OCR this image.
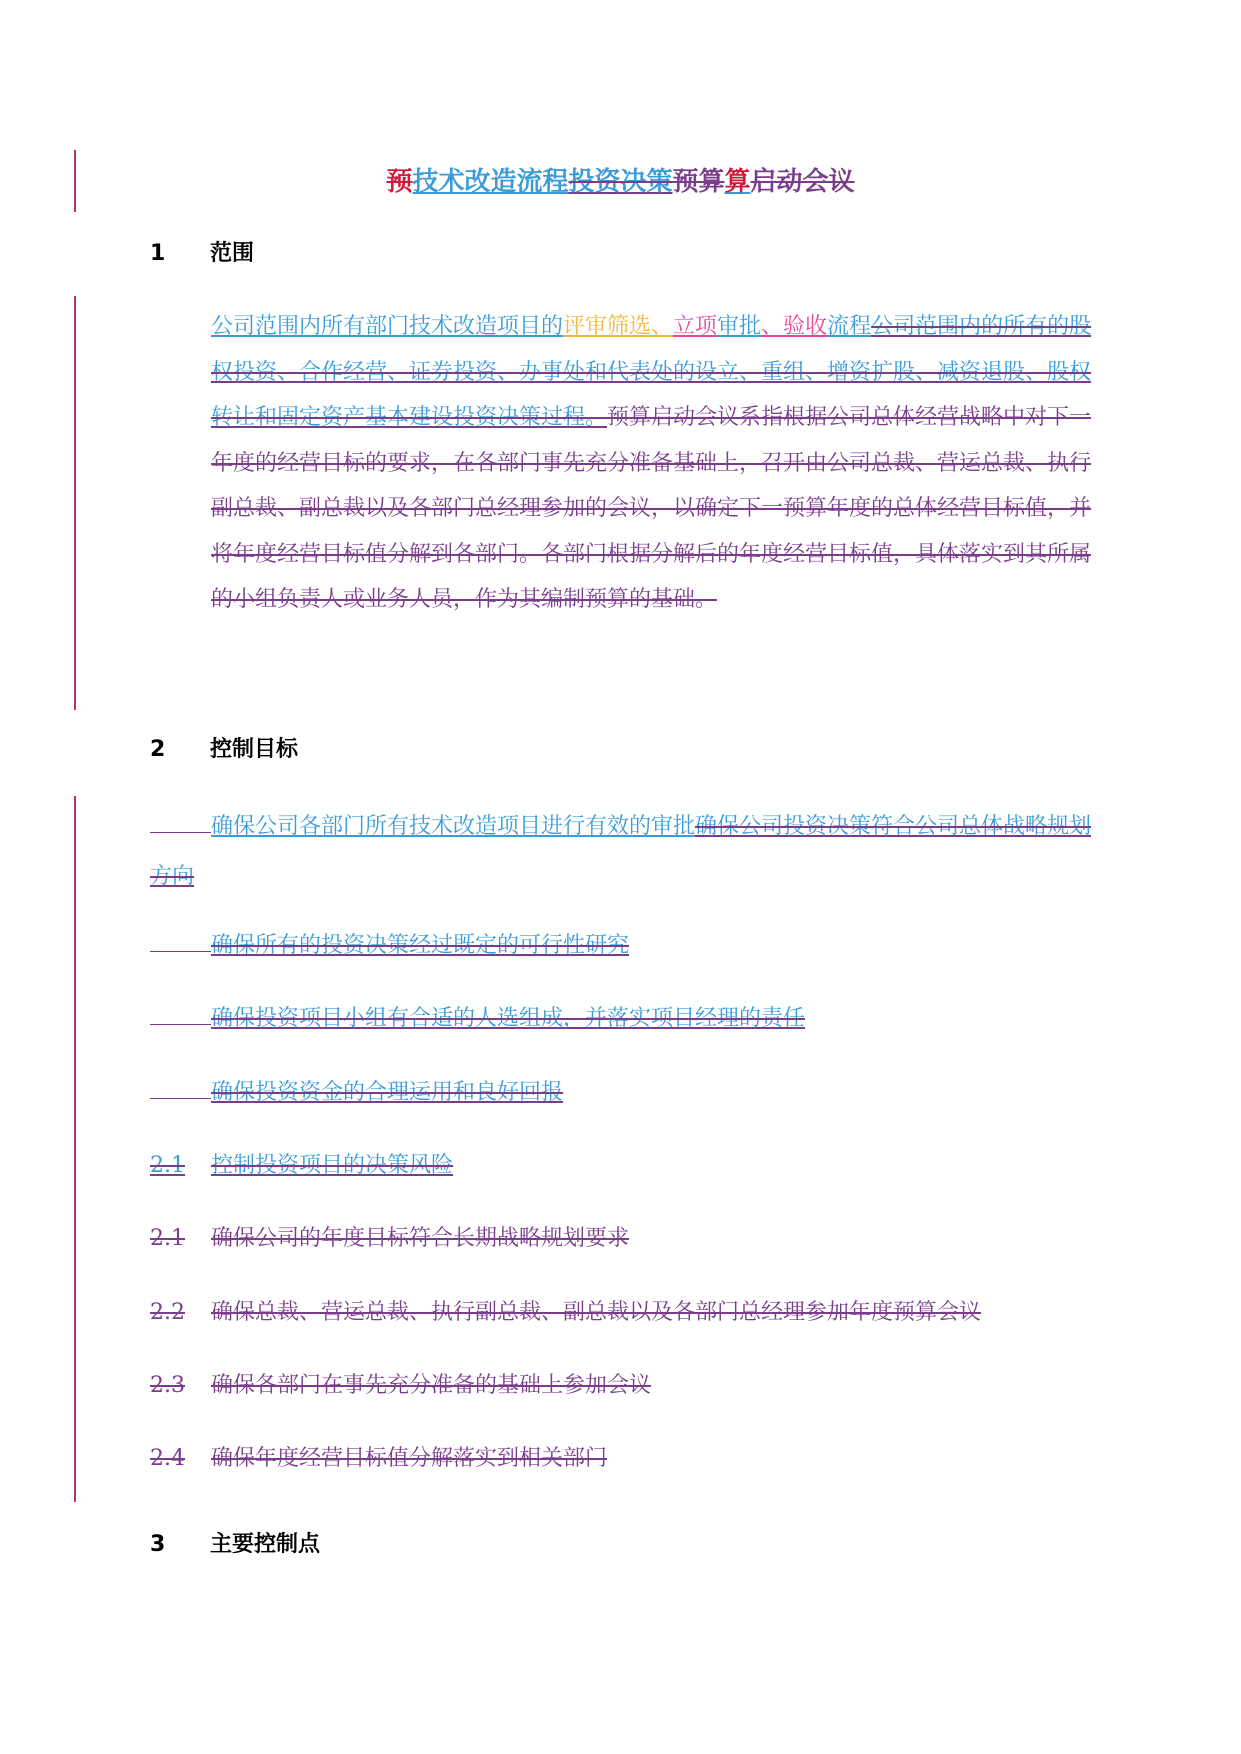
预技术改造流程投资决策预算算启动会议
1 范围
公司范围内所有部门技术改造项目的评审筛选、立项审批、验收流程公司范围内的所有的股权投资、合作经营、证券投资、办事处和代表处的设立、重组、增资扩股、减资退股、股权转让和固定资产基本建设投资决策过程。预算启动会议系指根据公司总体经营战略中对下一年度的经营目标的要求，在各部门事先充分准备基础上，召开由公司总裁、营运总裁、执行副总裁、副总裁以及各部门总经理参加的会议，以确定下一预算年度的总体经营目标值，并将年度经营目标值分解到各部门。各部门根据分解后的年度经营目标值，具体落实到其所属的小组负责人或业务人员，作为其编制预算的基础。
2 控制目标
确保公司各部门所有技术改造项目进行有效的审批确保公司投资决策符合公司总体战略规划方向
确保所有的投资决策经过既定的可行性研究
确保投资项目小组有合适的人选组成，并落实项目经理的责任
确保投资资金的合理运用和良好回报
2.1 控制投资项目的决策风险
2.1 确保公司的年度目标符合长期战略规划要求
2.2 确保总裁、营运总裁、执行副总裁、副总裁以及各部门总经理参加年度预算会议
2.3 确保各部门在事先充分准备的基础上参加会议
2.4 确保年度经营目标值分解落实到相关部门
3 主要控制点
